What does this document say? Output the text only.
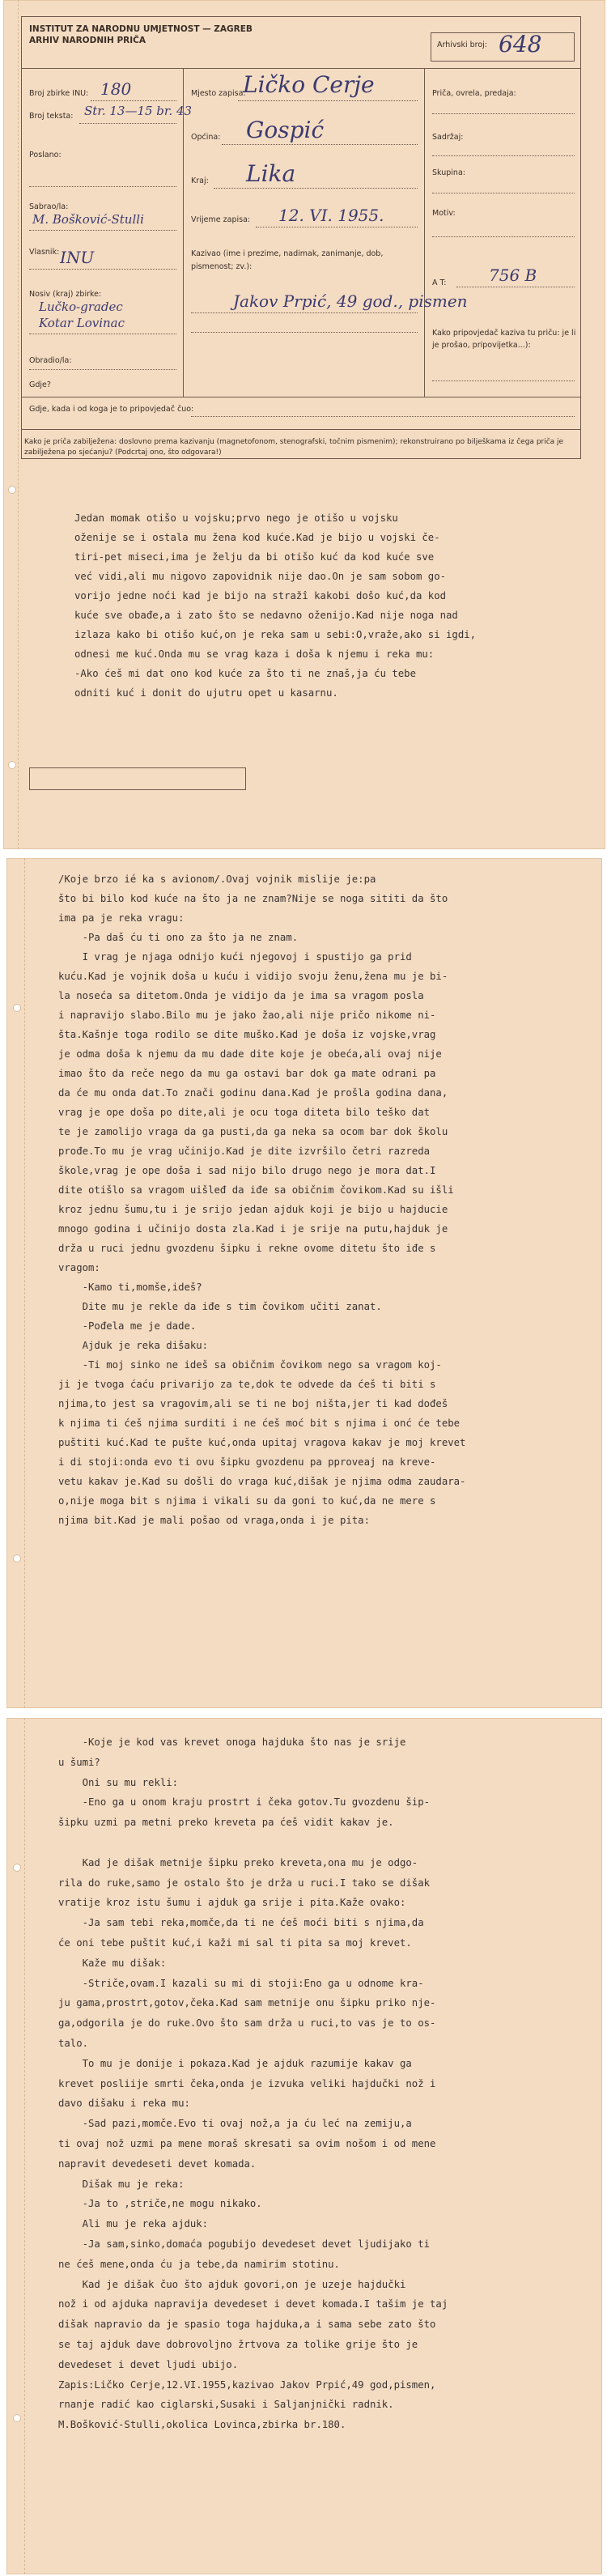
INSTITUT ZA NARODNU UMJETNOST — ZAGREB
ARHIV NARODNIH PRIČA	Arhivski broj: 648
Broj zbirke INU: 180
Broj teksta: Str. 13—15 br. 43
Poslano:
Sabrao/la:
M. Bošković-Stulli
Vlasnik: INU
Nosiv (kraj) zbirke:
Lučko-gradec
Kotar Lovinac
Obradio/la:
Gdje?
Mjesto zapisa:
Ličko Cerje
Općina: Gospić
Kraj: Lika
Vrijeme zapisa: 12. VI. 1955.
Kazivao (ime i prezime, nadimak, zanimanje, dob, pismenost; zv.):
Jakov Prpić, 49 god., pismen
Priča, ovrela, predaja:
Sadržaj:
Skupina:
Motiv:
A T:	756 B
Kako pripovjedač kaziva tu priču: je li je prošao, pripovijetka...):
Gdje, kada i od koga je to pripovjedač čuo:
Kako je priča zabilježena: doslovno prema kazivanju (magnetofonom, stenografski, točnim pismenim); rekonstruirano po bilješkama iz čega priča je zabilježena po sjećanju? (Podcrtaj ono, što odgovara!)
Jedan momak otišo u vojsku;prvo nego je otišo u vojsku
oženije se i ostala mu žena kod kuće.Kad je bijo u vojski če-
tiri-pet miseci,ima je želju da bi otišo kuć da kod kuće sve
već vidi,ali mu nigovo zapovidnik nije dao.On je sam sobom go-
vorijo jedne noći kad je bijo na stražî kakobi došo kuć,da kod
kuće sve obađe,a i zato što se nedavno oženijo.Kad nije noga nad
izlaza kako bi otišo kuć,on je reka sam u sebi:O,vraže,ako si igdi,
odnesi me kuć.Onda mu se vrag kaza i doša k njemu i reka mu:
-Ako ćeš mi dat ono kod kuće za što ti ne znaš,ja ću tebe
odniti kuć i donit do ujutru opet u kasarnu.
/Koje brzo ié ka s avionom/.Ovaj vojnik mislije je:pa
što bi bilo kod kuće na što ja ne znam?Nije se noga sititi da što
ima pa je reka vragu:
-Pa daš ću ti ono za što ja ne znam.
I vrag je njaga odnijo kući njegovoj i spustijo ga prid
kuću.Kad je vojnik doša u kuću i vidijo svoju ženu,žena mu je bi-
la noseća sa ditetom.Onda je vidijo da je ima sa vragom posla
i napravijo slabo.Bilo mu je jako žao,ali nije pričo nikome ni-
šta.Kašnje toga rodilo se dite muško.Kad je doša iz vojske,vrag
je odma doša k njemu da mu dade dite koje je obeća,ali ovaj nije
imao što da reče nego da mu ga ostavi bar dok ga mate odrani pa
da će mu onda dat.To znači godinu dana.Kad je prošla godina dana,
vrag je ope doša po dite,ali je ocu toga diteta bilo teško dat
te je zamolijo vraga da ga pusti,da ga neka sa ocom bar dok školu
prođe.To mu je vrag učinijo.Kad je dite izvršilo četri razreda
škole,vrag je ope doša i sad nijo bilo drugo nego je mora dat.I
dite otišlo sa vragom uišleđ da iđe sa običnim čovikom.Kad su išli
kroz jednu šumu,tu i je srijo jedan ajduk koji je bijo u hajducie
mnogo godina i učinijo dosta zla.Kad i je srije na putu,hajduk je
drža u ruci jednu gvozdenu šipku i rekne ovome ditetu što iđe s
vragom:
-Kamo ti,momše,ideš?
Dite mu je rekle da iđe s tim čovikom učiti zanat.
-Pođela me je dade.
Ajduk je reka dišaku:
-Ti moj sinko ne ideš sa običnim čovikom nego sa vragom koj-
ji je tvoga ćaću privarijo za te,dok te odvede da ćeš ti biti s
njima,to jest sa vragovim,ali se ti ne boj ništa,jer ti kad dođeš
k njima ti ćeš njima surditi i ne ćeš moć bit s njima i onć će tebe
puštiti kuć.Kad te pušte kuć,onda upitaj vragova kakav je moj krevet
i di stoji:onda evo ti ovu šipku gvozdenu pa pproveaj na kreve-
vetu kakav je.Kad su došli do vraga kuć,dišak je njima odma zaudara-
o,nije moga bit s njima i vikali su da goni to kuć,da ne mere s
njima bit.Kad je mali pošao od vraga,onda i je pita:
-Koje je kod vas krevet onoga hajduka što nas je srije
u šumi?
Oni su mu rekli:
-Eno ga u onom kraju prostrt i čeka gotov.Tu gvozdenu šip-
šipku uzmi pa metni preko kreveta pa ćeš vidit kakav je.
Kad je dišak metnije šipku preko kreveta,ona mu je odgo-
rila do ruke,samo je ostalo što je drža u ruci.I tako se dišak
vratije kroz istu šumu i ajduk ga srije i pita.Kaže ovako:
-Ja sam tebi reka,momče,da ti ne ćeš moći biti s njima,da
će oni tebe puštit kuć,i kaži mi sal ti pita sa moj krevet.
Kaže mu dišak:
-Striče,ovam.I kazali su mi di stoji:Eno ga u odnome kra-
ju gama,prostrt,gotov,čeka.Kad sam metnije onu šipku priko nje-
ga,odgorila je do ruke.Ovo što sam drža u ruci,to vas je to os-
talo.
To mu je donije i pokaza.Kad je ajduk razumije kakav ga
krevet posliije smrti čeka,onda je izvuka veliki hajdučki nož i
davo dišaku i reka mu:
-Sad pazi,momče.Evo ti ovaj nož,a ja ću leć na zemiju,a
ti ovaj nož uzmi pa mene moraš skresati sa ovim nošom i od mene
napravit devedeseti devet komada.
Dišak mu je reka:
-Ja to ,striče,ne mogu nikako.
Ali mu je reka ajduk:
-Ja sam,sinko,domaća pogubijo devedeset devet ljudijako ti
ne ćeš mene,onda ću ja tebe,da namirim stotinu.
Kad je dišak čuo što ajduk govori,on je uzeje hajdučki
nož i od ajduka napravija devedeset i devet komada.I tašim je taj
dišak napravio da je spasio toga hajduka,a i sama sebe zato što
se taj ajduk dave dobrovoljno žrtvova za tolike grije što je
devedeset i devet ljudi ubijo.
Zapis:Ličko Cerje,12.VI.1955,kazivao Jakov Prpić,49 god,pismen,
rnanje radić kao ciglarski,Susaki i Saljanjnički radnik.
M.Bošković-Stulli,okolica Lovinca,zbirka br.180.
